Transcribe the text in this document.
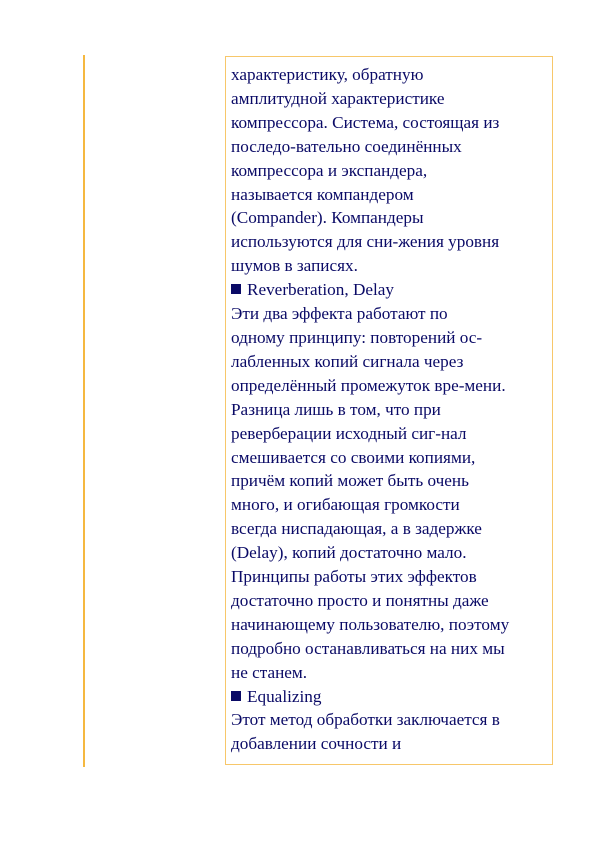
характеристику, обратную

амплитудной характеристике

компрессора. Система, состоящая из

последо-вательно соединённых

компрессора и экспандера,

называется компандером

(Compander). Компандеры

используются для сни-жения уровня

шумов в записях.

Reverberation, Delay

Эти два эффекта работают по

одному принципу: повторений ос-

лабленных копий сигнала через

определённый промежуток вре-мени.

Разница лишь в том, что при

реверберации исходный сиг-нал

смешивается со своими копиями,

причём копий может быть очень

много, и огибающая громкости

всегда ниспадающая, а в задержке

(Delay), копий достаточно мало.

Принципы работы этих эффектов

достаточно просто и понятны даже

начинающему пользователю, поэтому

подробно останавливаться на них мы

не станем.

Equalizing

Этот метод обработки заключается в

добавлении сочности и
